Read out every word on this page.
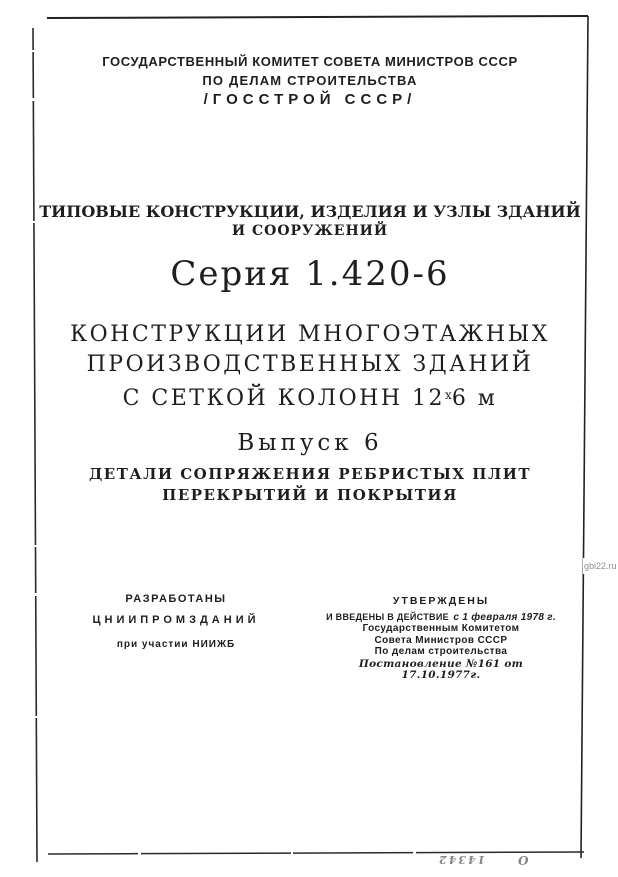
ГОСУДАРСТВЕННЫЙ КОМИТЕТ СОВЕТА МИНИСТРОВ СССР
ПО ДЕЛАМ СТРОИТЕЛЬСТВА
/ГОССТРОЙ СССР/
ТИПОВЫЕ КОНСТРУКЦИИ, ИЗДЕЛИЯ И УЗЛЫ ЗДАНИЙ
И СООРУЖЕНИЙ
Серия 1.420-6
КОНСТРУКЦИИ МНОГОЭТАЖНЫХ
ПРОИЗВОДСТВЕННЫХ ЗДАНИЙ
С СЕТКОЙ КОЛОНН $12^х6$ м
Выпуск 6
ДЕТАЛИ СОПРЯЖЕНИЯ РЕБРИСТЫХ ПЛИТ
ПЕРЕКРЫТИЙ И ПОКРЫТИЯ
РАЗРАБОТАНЫ
ЦНИИПРОМЗДАНИЙ
при участии НИИЖБ
УТВЕРЖДЕНЫ
И ВВЕДЕНЫ В ДЕЙСТВИЕ с 1 февраля 1978 г.
Государственным Комитетом
Совета Министров СССР
По делам строительства
Постановление №161 от 17.10.1977г.
gbi22.ru
14342	О
